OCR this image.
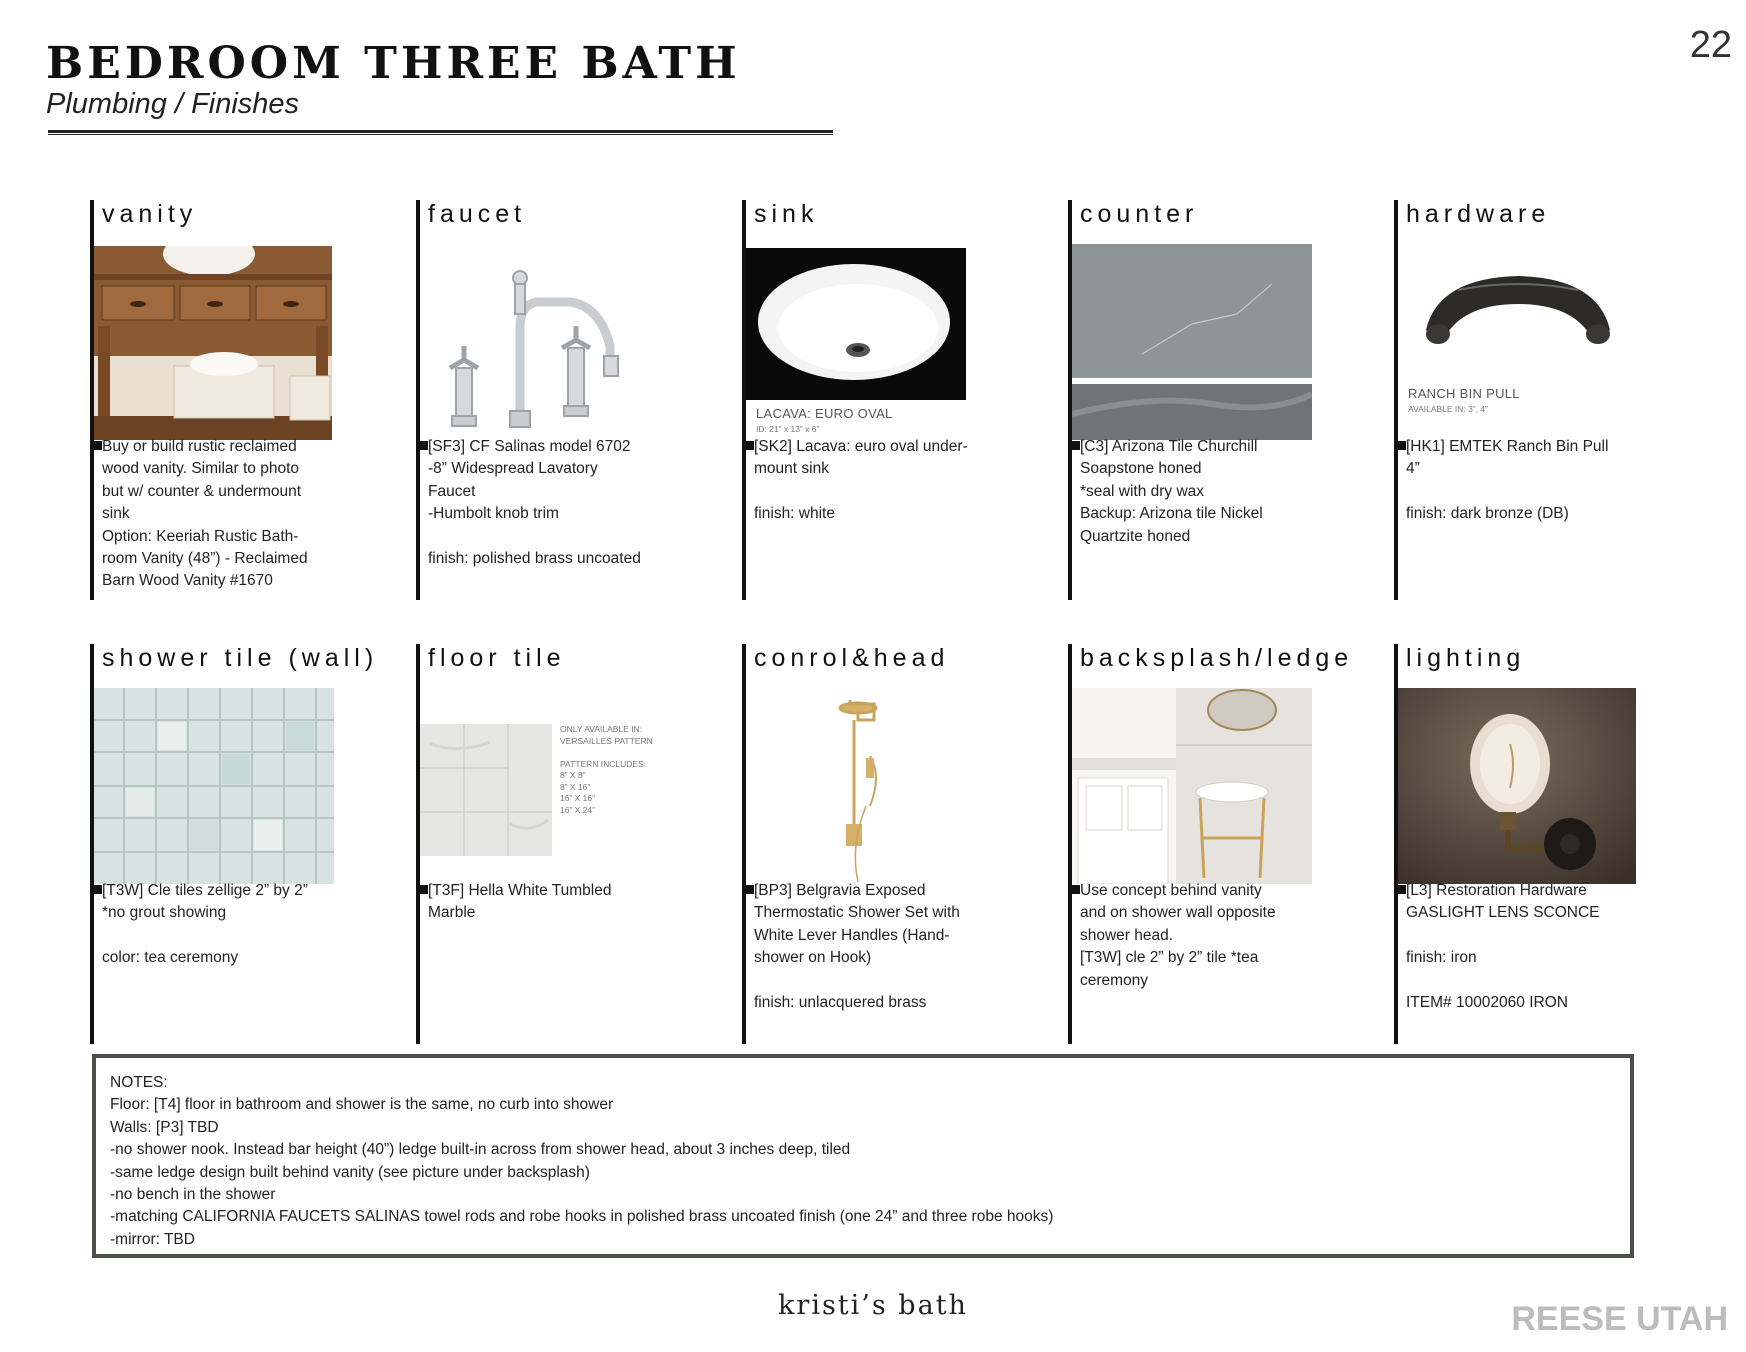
22
BEDROOM THREE BATH
Plumbing / Finishes
vanity
Buy or build rustic reclaimed
wood vanity. Similar to photo
but w/ counter & undermount
sink
Option: Keeriah Rustic Bath-
room Vanity (48”) - Reclaimed
Barn Wood Vanity #1670
faucet
[SF3] CF Salinas model 6702
-8” Widespread Lavatory
Faucet
-Humbolt knob trim

finish: polished brass uncoated
sink
LACAVA: EURO OVAL
ID: 21” x 13” x 6”
[SK2] Lacava: euro oval under-
mount sink

finish: white
counter
[C3] Arizona Tile Churchill
Soapstone honed
*seal with dry wax
Backup: Arizona tile Nickel
Quartzite honed
hardware
RANCH BIN PULL
AVAILABLE IN: 3”, 4”
[HK1] EMTEK Ranch Bin Pull
4”

finish: dark bronze (DB)
shower tile (wall)
[T3W] Cle tiles zellige 2” by 2”
*no grout showing

color: tea ceremony
floor tile
ONLY AVAILABLE IN:
VERSAILLES PATTERN

PATTERN INCLUDES:
8” X 8”
8” X 16”
16” X 16”
16” X 24”
[T3F] Hella White Tumbled
Marble
conrol&head
[BP3] Belgravia Exposed
Thermostatic Shower Set with
White Lever Handles (Hand-
shower on Hook)

finish: unlacquered brass
backsplash/ledge
Use concept behind vanity
and on shower wall opposite
shower head.
[T3W] cle 2” by 2” tile *tea
ceremony
lighting
[L3] Restoration Hardware
GASLIGHT LENS SCONCE

finish: iron

ITEM# 10002060 IRON
NOTES:
Floor: [T4] floor in bathroom and shower is the same, no curb into shower
Walls: [P3] TBD
-no shower nook. Instead bar height (40”) ledge built-in across from shower head, about 3 inches deep, tiled
-same ledge design built behind vanity (see picture under backsplash)
-no bench in the shower
-matching CALIFORNIA FAUCETS SALINAS towel rods and robe hooks in polished brass uncoated finish (one 24” and three robe hooks)
-mirror: TBD
kristi’s bath	REESE UTAH
